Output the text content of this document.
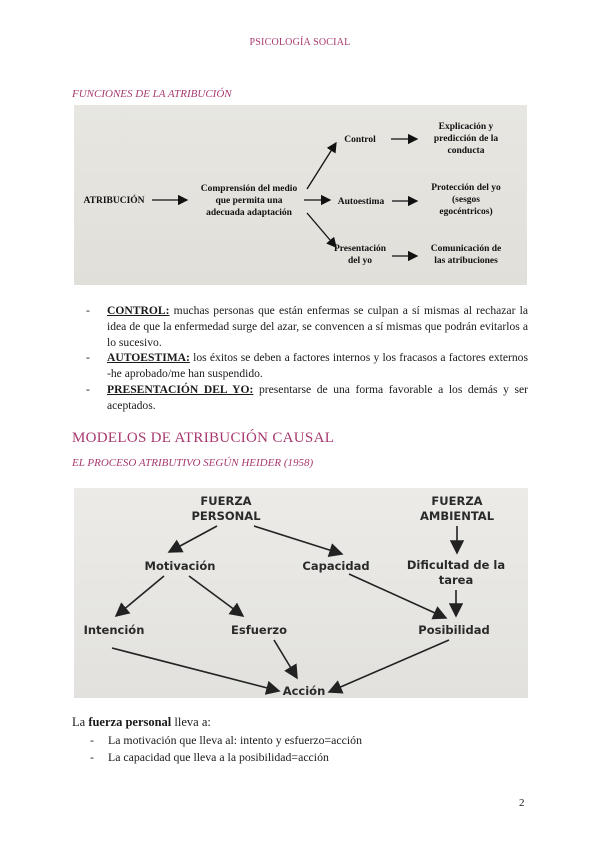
PSICOLOGÍA SOCIAL
FUNCIONES DE LA ATRIBUCIÓN
ATRIBUCIÓN
Comprensión del medio
que permita una
adecuada adaptación
Control
Autoestima
Presentación
del yo
Explicación y
predicción de la
conducta
Protección del yo
(sesgos
egocéntricos)
Comunicación de
las atribuciones
- CONTROL: muchas personas que están enfermas se culpan a sí mismas al rechazar la idea de que la enfermedad surge del azar, se convencen a sí mismas que podrán evitarlos a lo sucesivo.
- AUTOESTIMA: los éxitos se deben a factores internos y los fracasos a factores externos -he aprobado/me han suspendido.
- PRESENTACIÓN DEL YO: presentarse de una forma favorable a los demás y ser aceptados.
MODELOS DE ATRIBUCIÓN CAUSAL
EL PROCESO ATRIBUTIVO SEGÚN HEIDER (1958)
FUERZA
PERSONAL
FUERZA
AMBIENTAL
Motivación	Capacidad	Dificultad de la
tarea
Intención	Esfuerzo	Posibilidad
Acción
La fuerza personal lleva a:
- La motivación que lleva al: intento y esfuerzo=acción
- La capacidad que lleva a la posibilidad=acción
2
